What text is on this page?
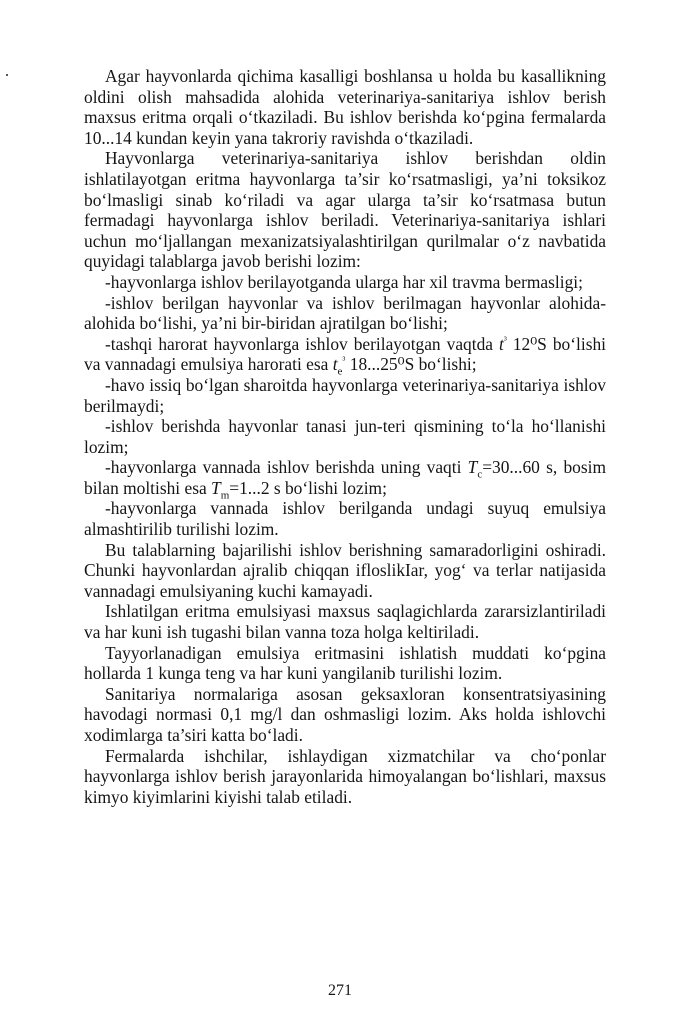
Agar hayvonlarda qichima kasalligi boshlansa u holda bu kasallikning oldini olish mahsadida alohida veterinariya-sanitariya ishlov berish maxsus eritma orqali o‘tkaziladi. Bu ishlov berishda ko‘pgina fermalarda 10...14 kundan keyin yana takroriy ravishda o‘tkaziladi.

Hayvonlarga veterinariya-sanitariya ishlov berishdan oldin ishlatilayotgan eritma hayvonlarga ta’sir ko‘rsatmasligi, ya’ni toksikoz bo‘lmasligi sinab ko‘riladi va agar ularga ta’sir ko‘rsatmasa butun fermadagi hayvonlarga ishlov beriladi. Veterinariya-sanitariya ishlari uchun mo‘ljallangan mexanizatsiyalashtirilgan qurilmalar o‘z navbatida quyidagi talablarga javob berishi lozim:

-hayvonlarga ishlov berilayotganda ularga har xil travma bermasligi;

-ishlov berilgan hayvonlar va ishlov berilmagan hayvonlar alohida-alohida bo‘lishi, ya’ni bir-biridan ajratilgan bo‘lishi;

-tashqi harorat hayvonlarga ishlov berilayotgan vaqtda $t^{^3}$ 12⁰S bo‘lishi va vannadagi emulsiya harorati esa $t_e^{^3}$ 18...25⁰S bo‘lishi;

-havo issiq bo‘lgan sharoitda hayvonlarga veterinariya-sanitariya ishlov berilmaydi;

-ishlov berishda hayvonlar tanasi jun-teri qismining to‘la ho‘llanishi lozim;

-hayvonlarga vannada ishlov berishda uning vaqti $T_c=30...60$ s, bosim bilan moltishi esa $T_m=1...2$ s bo‘lishi lozim;

-hayvonlarga vannada ishlov berilganda undagi suyuq emulsiya almashtirilib turilishi lozim.

Bu talablarning bajarilishi ishlov berishning samaradorligini oshiradi. Chunki hayvonlardan ajralib chiqqan ifloslikIar, yog‘ va terlar natijasida vannadagi emulsiyaning kuchi kamayadi.

Ishlatilgan eritma emulsiyasi maxsus saqlagichlarda zararsizlantiriladi va har kuni ish tugashi bilan vanna toza holga keltiriladi.

Tayyorlanadigan emulsiya eritmasini ishlatish muddati ko‘pgina hollarda 1 kunga teng va har kuni yangilanib turilishi lozim.

Sanitariya normalariga asosan geksaxloran konsentratsiyasining havodagi normasi 0,1 mg/l dan oshmasligi lozim. Aks holda ishlovchi xodimlarga ta’siri katta bo‘ladi.

Fermalarda ishchilar, ishlaydigan xizmatchilar va cho‘ponlar hayvonlarga ishlov berish jarayonlarida himoyalangan bo‘lishlari, maxsus kimyo kiyimlarini kiyishi talab etiladi.

271
